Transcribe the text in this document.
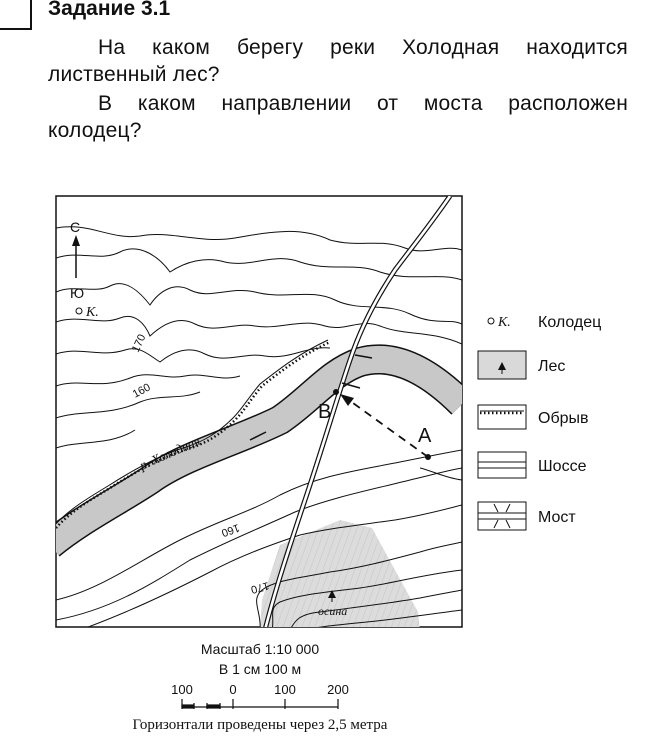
Задание 3.1

На каком берегу реки Холодная находится лиственный лес?

В каком направлении от моста расположен колодец?

С
Ю
К.
р. Холодная
В
А
осина
170
160
160
170
К. Колодец
Лес
Обрыв
Шоссе
Мост
Масштаб 1:10 000
В 1 см 100 м
100	0	100 200
Горизонтали проведены через 2,5 метра
